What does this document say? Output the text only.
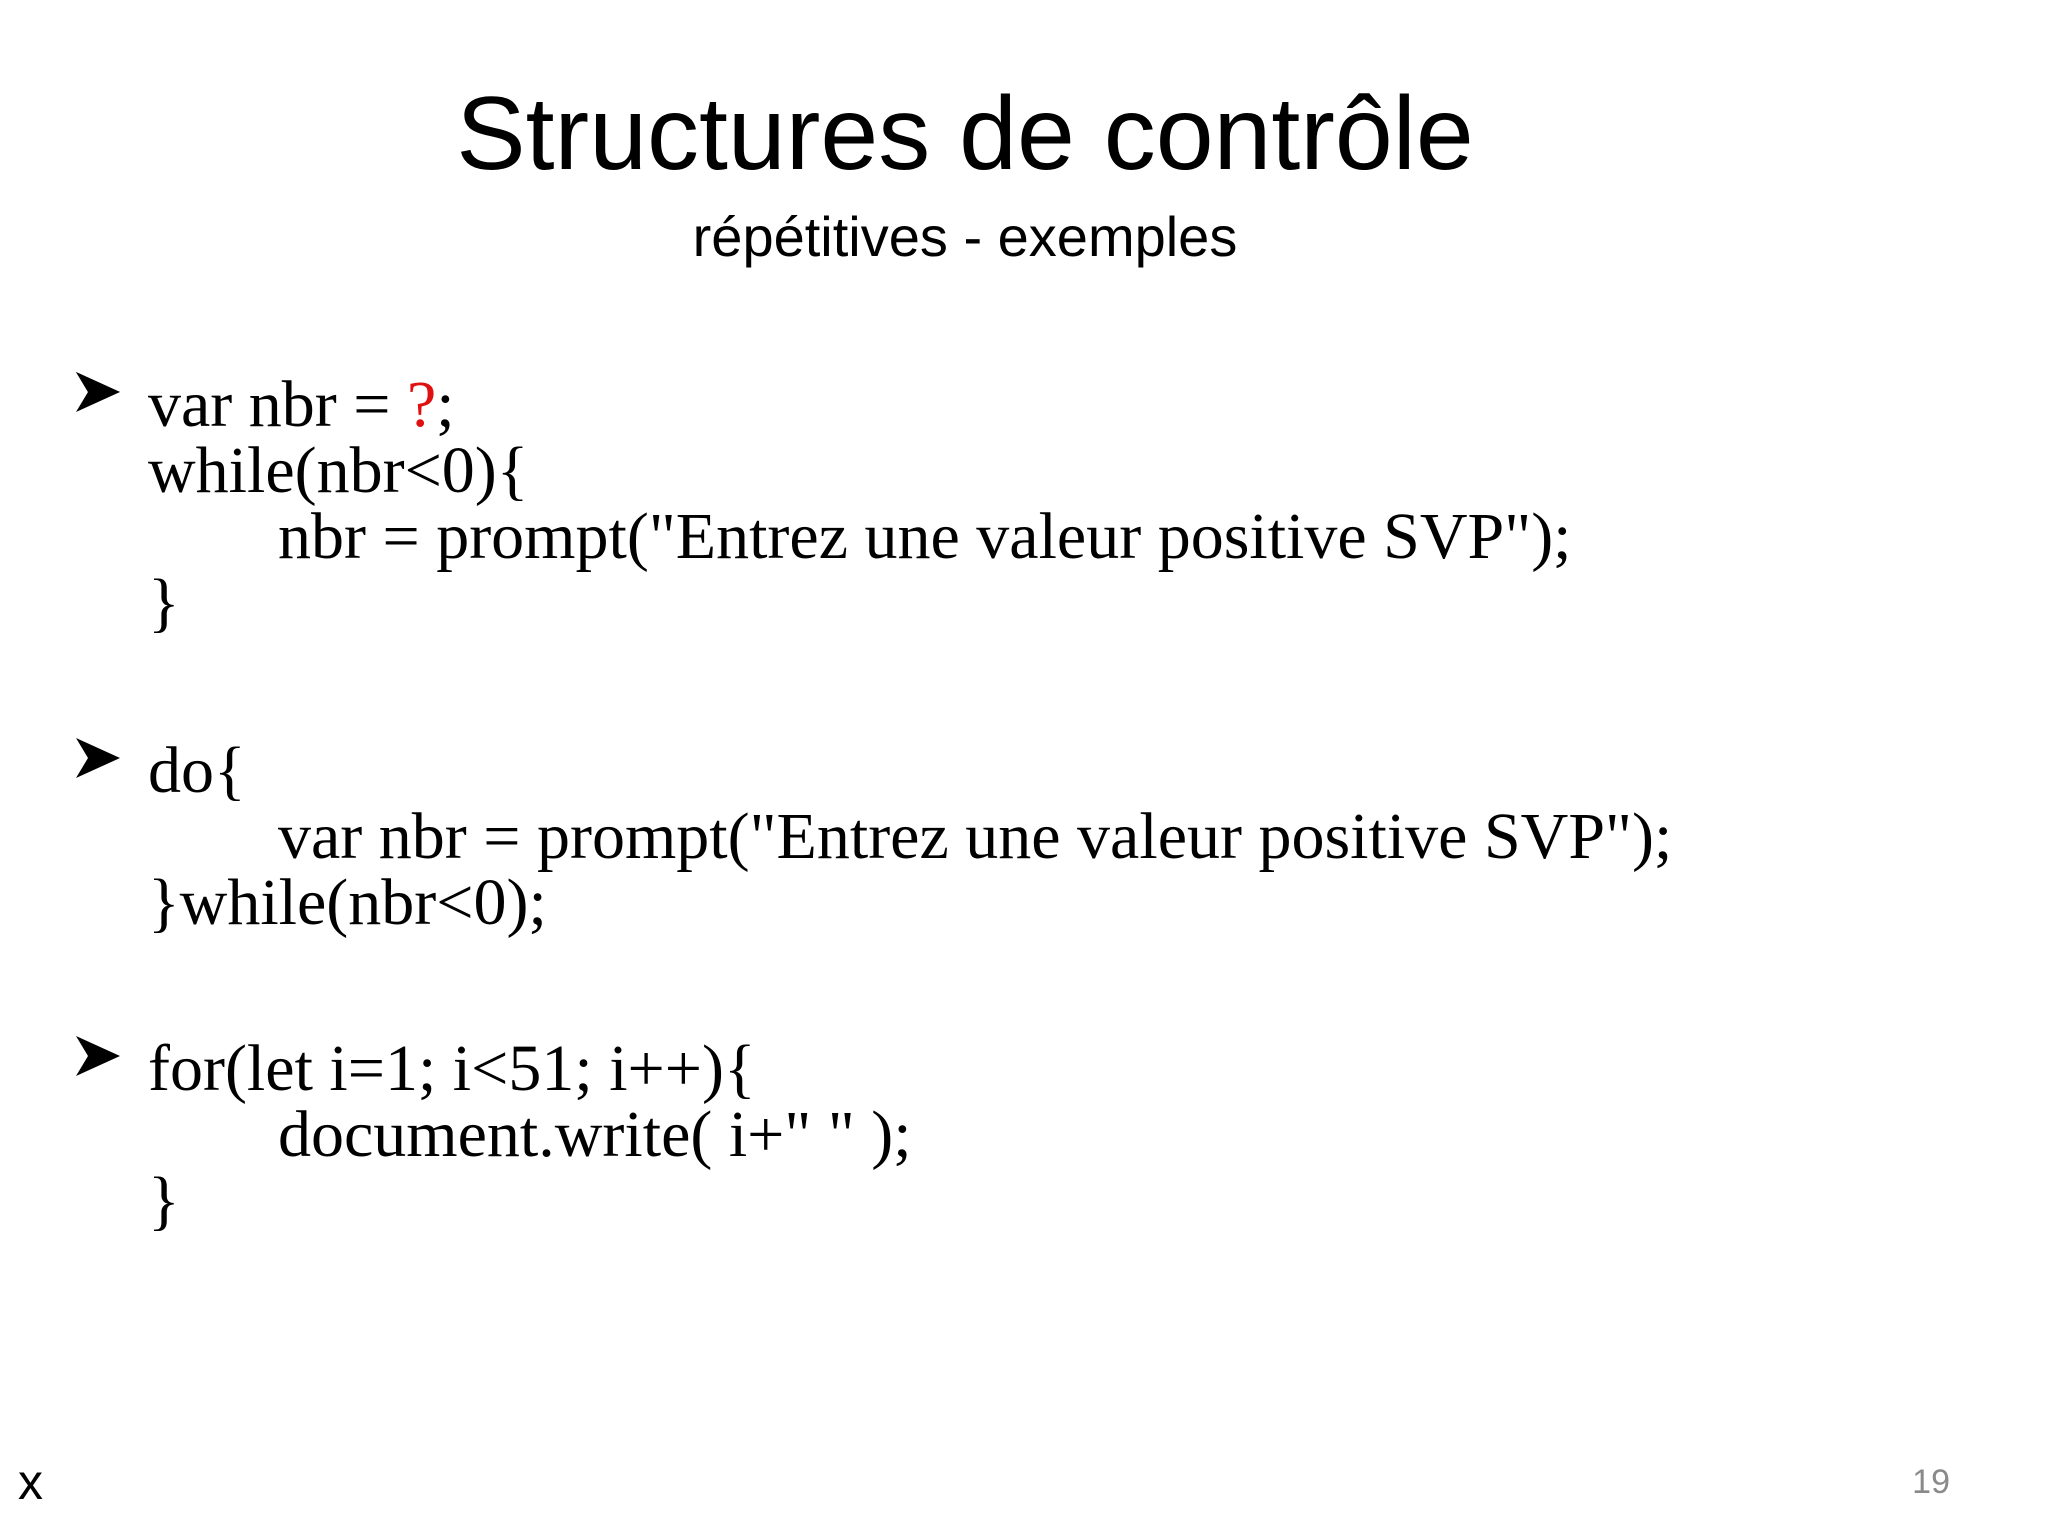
Structures de contrôle
répétitives - exemples
var nbr = ?;
while(nbr<0){
nbr = prompt("Entrez une valeur positive SVP");
}
do{
var nbr = prompt("Entrez une valeur positive SVP");
}while(nbr<0);
for(let i=1; i<51; i++){
document.write( i+" " );
}
x	19
